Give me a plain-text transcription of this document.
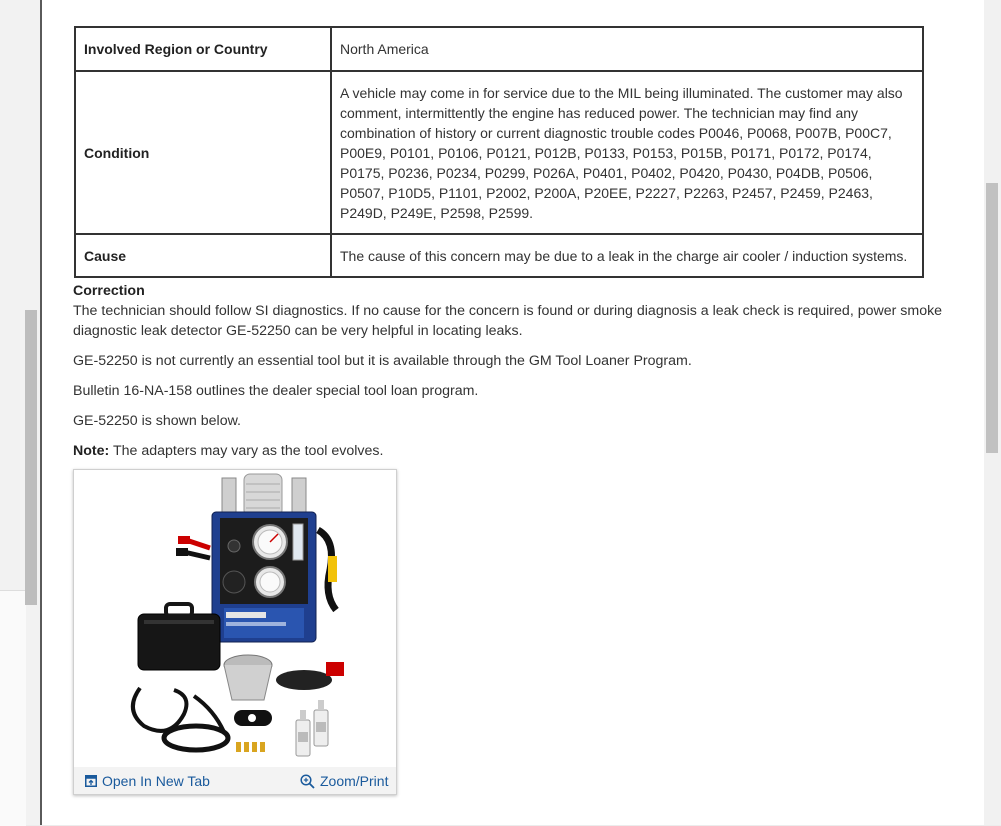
Involved Region or Country	North America
Condition	A vehicle may come in for service due to the MIL being illuminated. The customer may also comment, intermittently the engine has reduced power. The technician may find any combination of history or current diagnostic trouble codes P0046, P0068, P007B, P00C7, P00E9, P0101, P0106, P0121, P012B, P0133, P0153, P015B, P0171, P0172, P0174, P0175, P0236, P0234, P0299, P026A, P0401, P0402, P0420, P0430, P04DB, P0506, P0507, P10D5, P1101, P2002, P200A, P20EE, P2227, P2263, P2457, P2459, P2463, P249D, P249E, P2598, P2599.
Cause	The cause of this concern may be due to a leak in the charge air cooler / induction systems.
Correction

The technician should follow SI diagnostics. If no cause for the concern is found or during diagnosis a leak check is required, power smoke diagnostic leak detector GE-52250 can be very helpful in locating leaks.

GE-52250 is not currently an essential tool but it is available through the GM Tool Loaner Program.

Bulletin 16-NA-158 outlines the dealer special tool loan program.

GE-52250 is shown below.

Note: The adapters may vary as the tool evolves.

Open In New Tab	Zoom/Print
